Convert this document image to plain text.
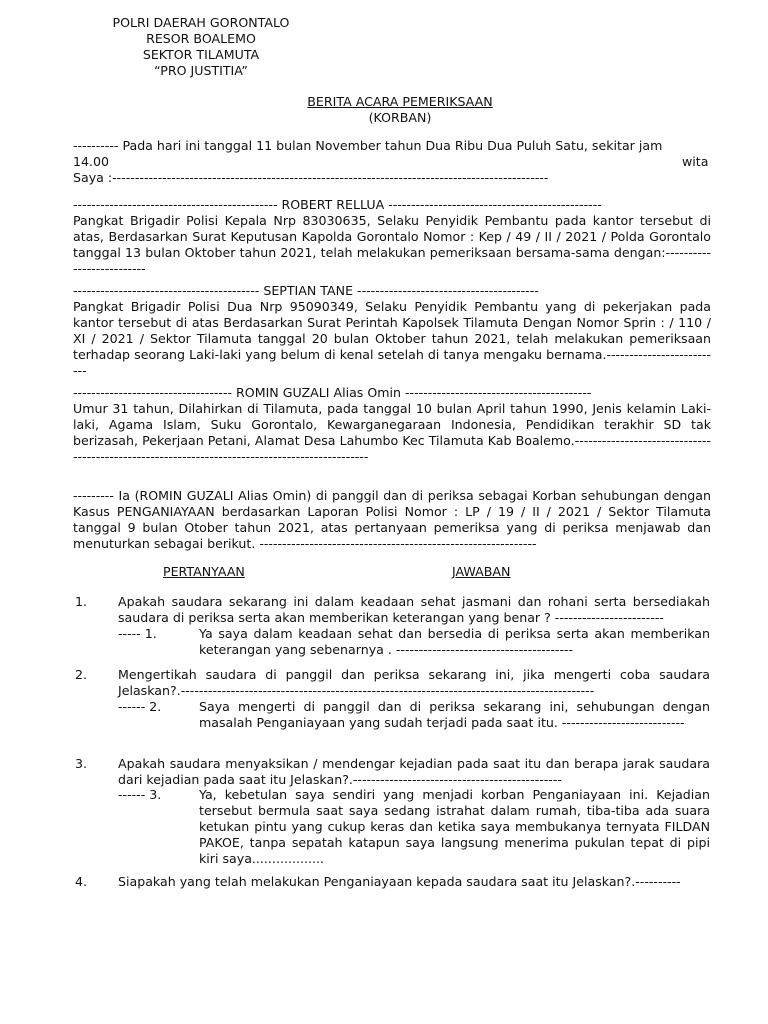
POLRI DAERAH GORONTALO
RESOR BOALEMO
SEKTOR TILAMUTA
“PRO JUSTITIA”
BERITA ACARA PEMERIKSAAN
(KORBAN)
---------- Pada hari ini tanggal 11 bulan November tahun Dua Ribu Dua Puluh Satu, sekitar jam
14.00	wita
Saya :------------------------------------------------------------------------------------------------
--------------------------------------------- ROBERT RELLUA -----------------------------------------------
Pangkat Brigadir Polisi Kepala Nrp 83030635, Selaku Penyidik Pembantu pada kantor tersebut di atas, Berdasarkan Surat Keputusan Kapolda Gorontalo Nomor : Kep / 49 / II / 2021 / Polda Gorontalo tanggal 13 bulan Oktober tahun 2021, telah melakukan pemeriksaan bersama-sama dengan:--------------------------
----------------------------------------- SEPTIAN TANE ----------------------------------------
Pangkat Brigadir Polisi Dua Nrp 95090349, Selaku Penyidik Pembantu yang di pekerjakan pada kantor tersebut di atas Berdasarkan Surat Perintah Kapolsek Tilamuta Dengan Nomor Sprin : / 110 / XI / 2021 / Sektor Tilamuta tanggal 20 bulan Oktober tahun 2021, telah melakukan pemeriksaan terhadap seorang Laki-laki yang belum di kenal setelah di tanya mengaku bernama.--------------------------
----------------------------------- ROMIN GUZALI Alias Omin -----------------------------------------
Umur 31 tahun, Dilahirkan di Tilamuta, pada tanggal 10 bulan April tahun 1990, Jenis kelamin Laki-laki, Agama Islam, Suku Gorontalo, Kewarganegaraan Indonesia, Pendidikan terakhir SD tak berizasah, Pekerjaan Petani, Alamat Desa Lahumbo Kec Tilamuta Kab Boalemo.-----------------------------------------------------------------------------------------------
--------- Ia (ROMIN GUZALI Alias Omin) di panggil dan di periksa sebagai Korban sehubungan dengan Kasus PENGANIAYAAN berdasarkan Laporan Polisi Nomor : LP / 19 / II / 2021 / Sektor Tilamuta tanggal 9 bulan Otober tahun 2021, atas pertanyaan pemeriksa yang di periksa menjawab dan menuturkan sebagai berikut. -------------------------------------------------------------
PERTANYAAN	JAWABAN
1. Apakah saudara sekarang ini dalam keadaan sehat jasmani dan rohani serta bersediakah saudara di periksa serta akan memberikan keterangan yang benar ? ------------------------
----- 1.	Ya saya dalam keadaan sehat dan bersedia di periksa serta akan memberikan keterangan yang sebenarnya . ---------------------------------------
2. Mengertikah saudara di panggil dan periksa sekarang ini, jika mengerti coba saudara Jelaskan?.-------------------------------------------------------------------------------------------
------ 2.	Saya mengerti di panggil dan di periksa sekarang ini, sehubungan dengan masalah Penganiayaan yang sudah terjadi pada saat itu. ---------------------------
3. Apakah saudara menyaksikan / mendengar kejadian pada saat itu dan berapa jarak saudara dari kejadian pada saat itu Jelaskan?.----------------------------------------------
------ 3.	Ya, kebetulan saya sendiri yang menjadi korban Penganiayaan ini. Kejadian tersebut bermula saat saya sedang istrahat dalam rumah, tiba-tiba ada suara ketukan pintu yang cukup keras dan ketika saya membukanya ternyata FILDAN PAKOE, tanpa sepatah katapun saya langsung menerima pukulan tepat di pipi kiri saya..................
4. Siapakah yang telah melakukan Penganiayaan kepada saudara saat itu Jelaskan?.----------
